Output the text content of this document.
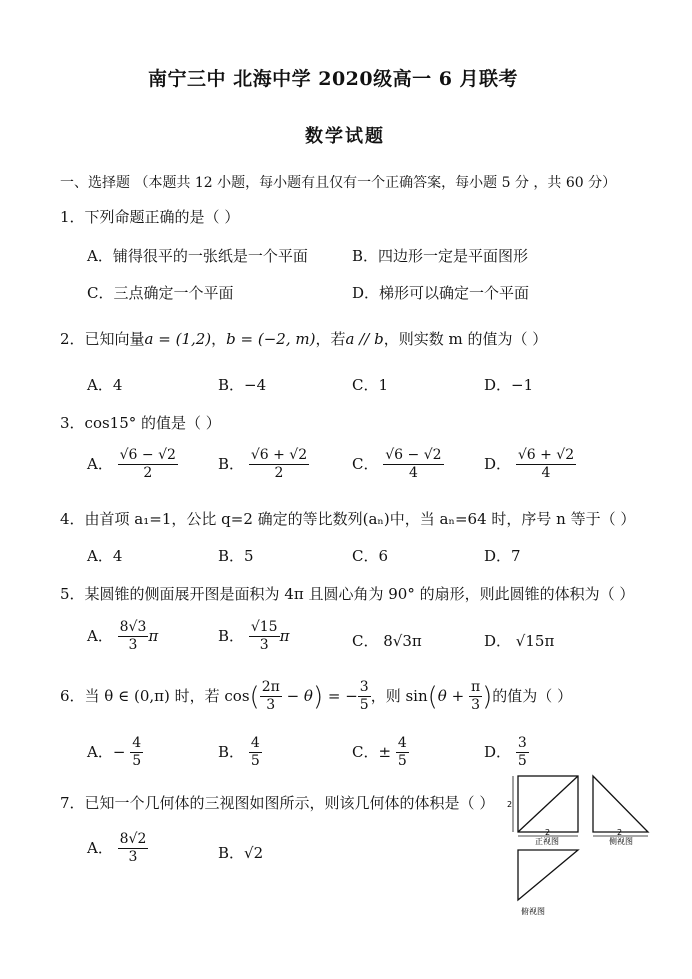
南宁三中 北海中学 2020级高一 6 月联考
数学试题
一、选择题 （本题共 12 小题，每小题有且仅有一个正确答案，每小题 5 分 ，共 60 分）
1．下列命题正确的是（ ）
A．铺得很平的一张纸是一个平面	B．四边形一定是平面图形
C．三点确定一个平面	D．梯形可以确定一个平面
2．已知向量a = (1,2)，b = (−2, m)，若a // b，则实数 m 的值为（ ）
A．4	B．−4	C．1	D．−1
3．cos15° 的值是（ ）
A． $\frac{√6 - √2}{2}$	B． $\frac{√6 + √2}{2}$	C． $\frac{√6 - √2}{4}$	D． $\frac{√6 + √2}{4}$
4．由首项 a₁=1，公比 q=2 确定的等比数列(aₙ)中，当 aₙ=64 时，序号 n 等于（ ）
A．4	B．5	C．6	D．7
5．某圆锥的侧面展开图是面积为 4π 且圆心角为 90° 的扇形，则此圆锥的体积为（ ）
A． $\frac{8√3}{3}$ π	B． $\frac{√15}{3}$ π	C． 8√3π	D． √15π
6．当 θ ∈ (0,π) 时，若 $\cos( \frac{2\pi}{3} - \theta)$ = − $\frac{3}{5}$ ，则 $\sin(\theta + \frac{\pi}{3}$ )的值为（ ）
A．− $\frac{4}{5}$	B． $\frac{4}{5}$	C．± $\frac{4}{5}$	D． $\frac{3}{5}$
7．已知一个几何体的三视图如图所示，则该几何体的体积是（ ）
A． $\frac{8√2}{3}$	B．√2
2
2
正视图
2
侧视图
俯视图
